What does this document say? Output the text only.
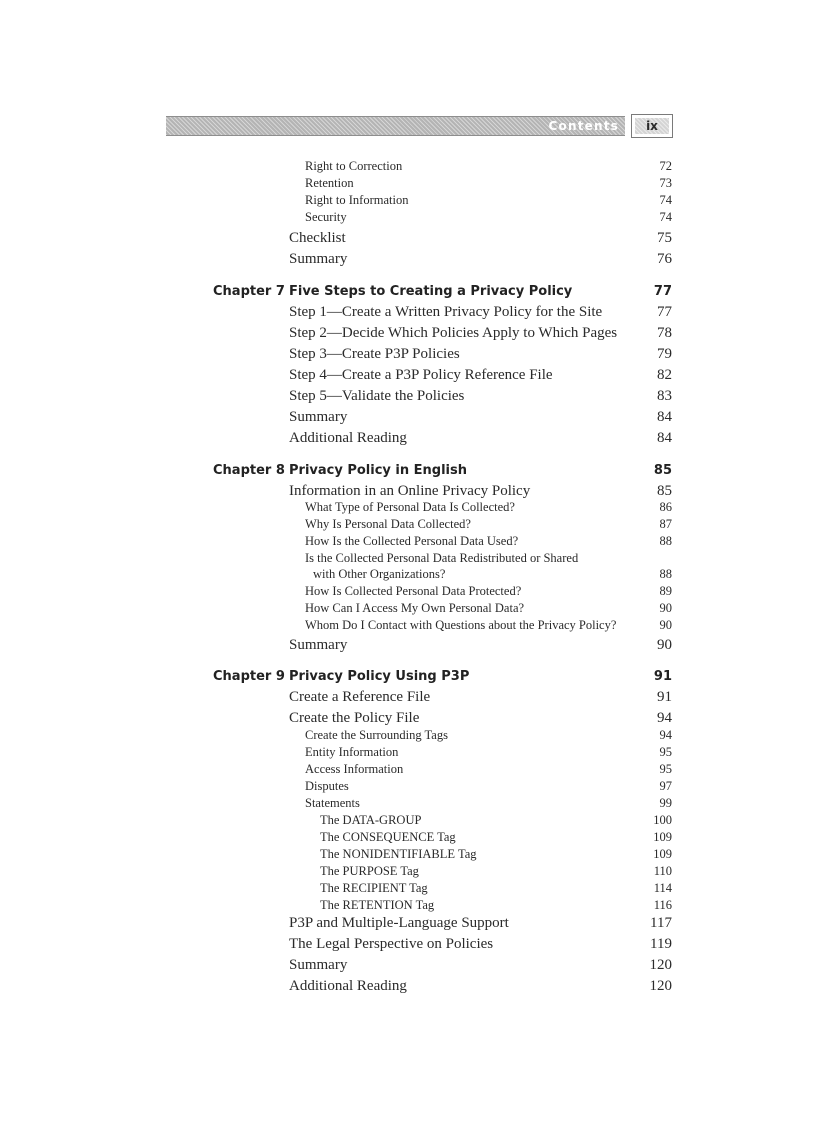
Contents	ix
Right to Correction	72
Retention	73
Right to Information	74
Security	74
Checklist	75
Summary	76
Chapter 7 Five Steps to Creating a Privacy Policy	77
Step 1—Create a Written Privacy Policy for the Site	77
Step 2—Decide Which Policies Apply to Which Pages	78
Step 3—Create P3P Policies	79
Step 4—Create a P3P Policy Reference File	82
Step 5—Validate the Policies	83
Summary	84
Additional Reading	84
Chapter 8 Privacy Policy in English	85
Information in an Online Privacy Policy	85
What Type of Personal Data Is Collected?	86
Why Is Personal Data Collected?	87
How Is the Collected Personal Data Used?	88
Is the Collected Personal Data Redistributed or Shared
with Other Organizations?	88
How Is Collected Personal Data Protected?	89
How Can I Access My Own Personal Data?	90
Whom Do I Contact with Questions about the Privacy Policy?	90
Summary	90
Chapter 9 Privacy Policy Using P3P	91
Create a Reference File	91
Create the Policy File	94
Create the Surrounding Tags	94
Entity Information	95
Access Information	95
Disputes	97
Statements	99
The DATA-GROUP	100
The CONSEQUENCE Tag	109
The NONIDENTIFIABLE Tag	109
The PURPOSE Tag	110
The RECIPIENT Tag	114
The RETENTION Tag	116
P3P and Multiple-Language Support	117
The Legal Perspective on Policies	119
Summary	120
Additional Reading	120
